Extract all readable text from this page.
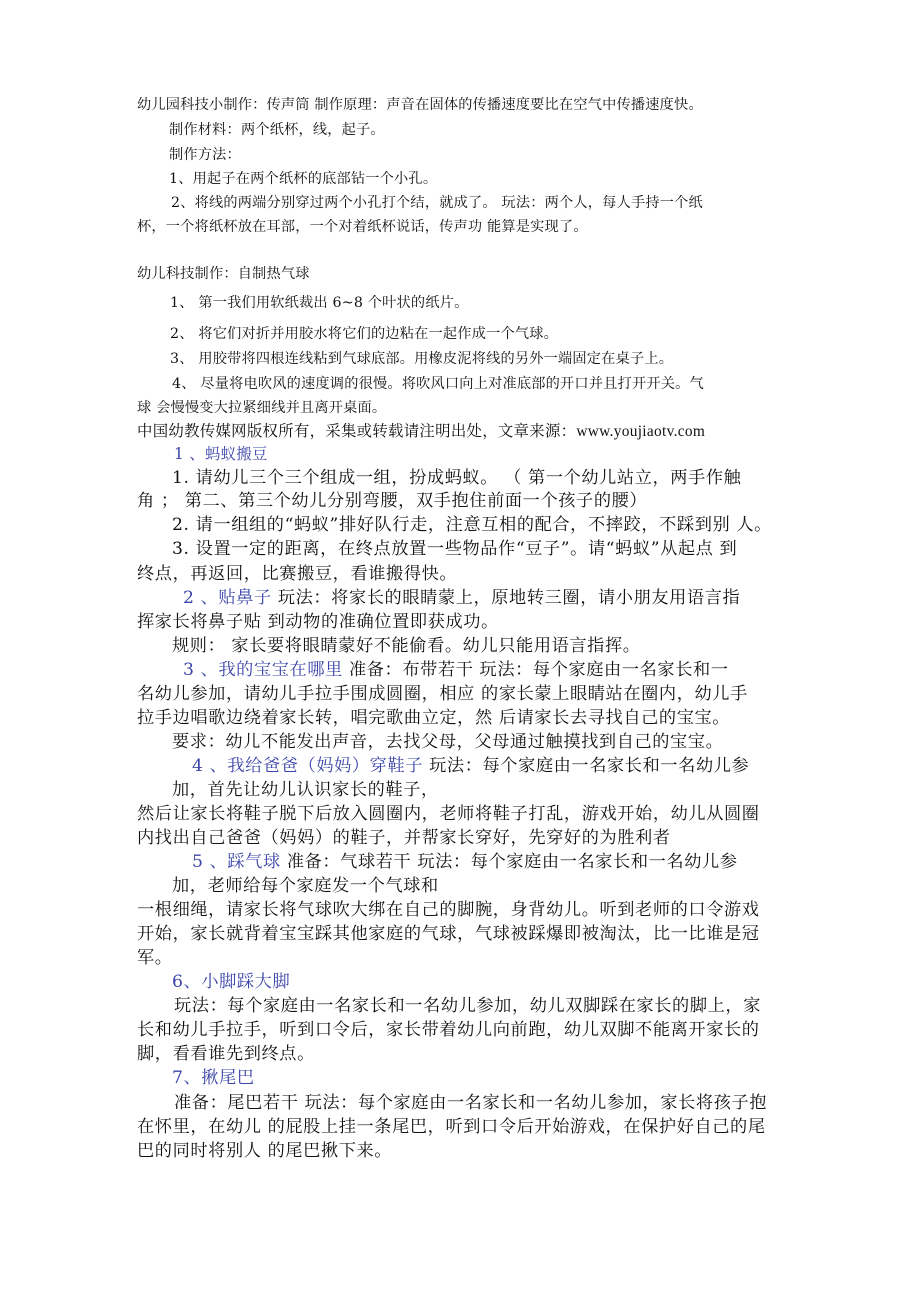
幼儿园科技小制作：传声筒 制作原理：声音在固体的传播速度要比在空气中传播速度快。
制作材料：两个纸杯，线，起子。
制作方法：
1、用起子在两个纸杯的底部钻一个小孔。
2、将线的两端分别穿过两个小孔打个结，就成了。 玩法：两个人，每人手持一个纸
杯，一个将纸杯放在耳部，一个对着纸杯说话，传声功 能算是实现了。
幼儿科技制作：自制热气球
1、 第一我们用软纸裁出 6~8 个叶状的纸片。
2、 将它们对折并用胶水将它们的边粘在一起作成一个气球。
3、 用胶带将四根连线粘到气球底部。用橡皮泥将线的另外一端固定在桌子上。
4、 尽量将电吹风的速度调的很慢。将吹风口向上对准底部的开口并且打开开关。气
球 会慢慢变大拉紧细线并且离开桌面。
中国幼教传媒网版权所有，采集或转载请注明出处，文章来源：www.youjiaotv.com
1 、蚂蚁搬豆
1. 请幼儿三个三个组成一组，扮成蚂蚁。 （ 第一个幼儿站立，两手作触
角 ； 第二、第三个幼儿分别弯腰，双手抱住前面一个孩子的腰）
2. 请一组组的“蚂蚁”排好队行走，注意互相的配合，不摔跤，不踩到别 人。
3. 设置一定的距离，在终点放置一些物品作“豆子”。请“蚂蚁”从起点 到
终点，再返回，比赛搬豆，看谁搬得快。
2 、贴鼻子 玩法：将家长的眼睛蒙上，原地转三圈，请小朋友用语言指
挥家长将鼻子贴 到动物的准确位置即获成功。
规则： 家长要将眼睛蒙好不能偷看。幼儿只能用语言指挥。
3 、我的宝宝在哪里 准备：布带若干 玩法：每个家庭由一名家长和一
名幼儿参加，请幼儿手拉手围成圆圈，相应 的家长蒙上眼睛站在圈内，幼儿手
拉手边唱歌边绕着家长转，唱完歌曲立定，然 后请家长去寻找自己的宝宝。
要求：幼儿不能发出声音，去找父母，父母通过触摸找到自己的宝宝。
4 、我给爸爸（妈妈）穿鞋子 玩法：每个家庭由一名家长和一名幼儿参
加，首先让幼儿认识家长的鞋子，
然后让家长将鞋子脱下后放入圆圈内，老师将鞋子打乱，游戏开始，幼儿从圆圈
内找出自己爸爸（妈妈）的鞋子，并帮家长穿好，先穿好的为胜利者
5 、踩气球 准备：气球若干 玩法：每个家庭由一名家长和一名幼儿参
加，老师给每个家庭发一个气球和
一根细绳，请家长将气球吹大绑在自己的脚腕，身背幼儿。听到老师的口令游戏
开始，家长就背着宝宝踩其他家庭的气球，气球被踩爆即被淘汰，比一比谁是冠
军。
6、小脚踩大脚
玩法：每个家庭由一名家长和一名幼儿参加，幼儿双脚踩在家长的脚上，家
长和幼儿手拉手，听到口令后，家长带着幼儿向前跑，幼儿双脚不能离开家长的
脚，看看谁先到终点。
7、揪尾巴
准备：尾巴若干 玩法：每个家庭由一名家长和一名幼儿参加，家长将孩子抱
在怀里，在幼儿 的屁股上挂一条尾巴，听到口令后开始游戏，在保护好自己的尾
巴的同时将别人 的尾巴揪下来。
